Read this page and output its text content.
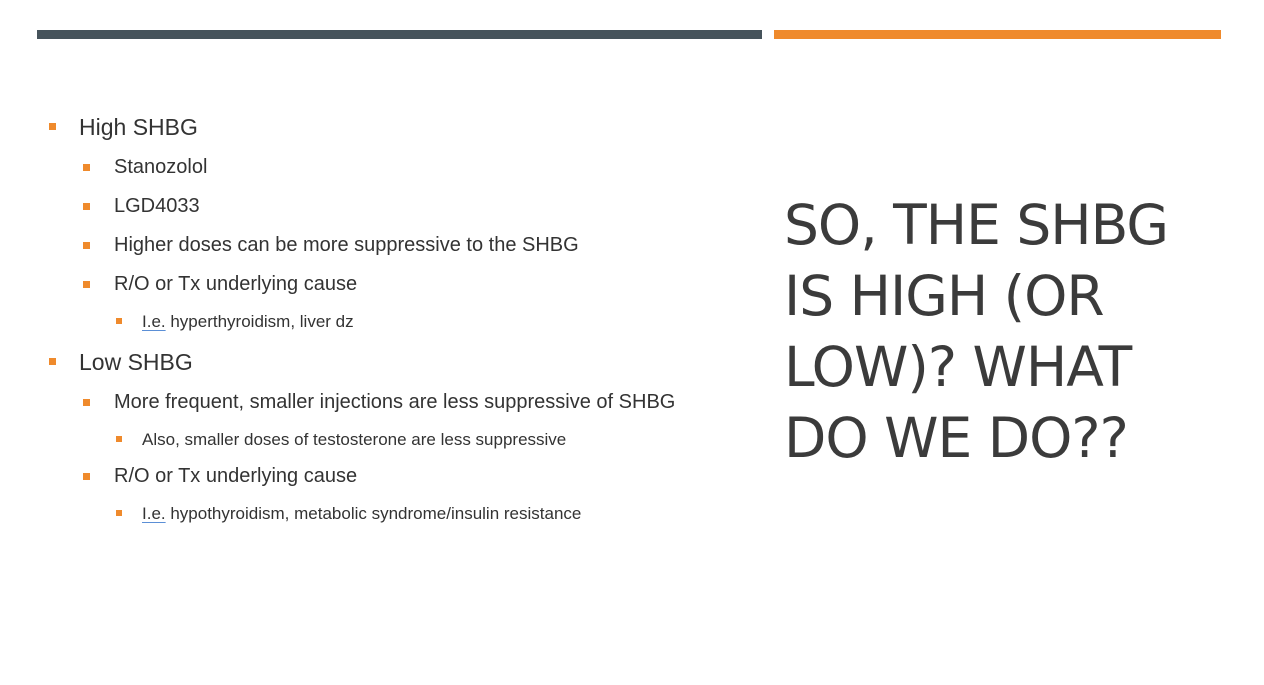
High SHBG
Stanozolol
LGD4033
Higher doses can be more suppressive to the SHBG
R/O or Tx underlying cause
I.e. hyperthyroidism, liver dz
Low SHBG
More frequent, smaller injections are less suppressive of SHBG
Also, smaller doses of testosterone are less suppressive
R/O or Tx underlying cause
I.e. hypothyroidism, metabolic syndrome/insulin resistance
SO, THE SHBG
IS HIGH (OR
LOW)? WHAT
DO WE DO??
